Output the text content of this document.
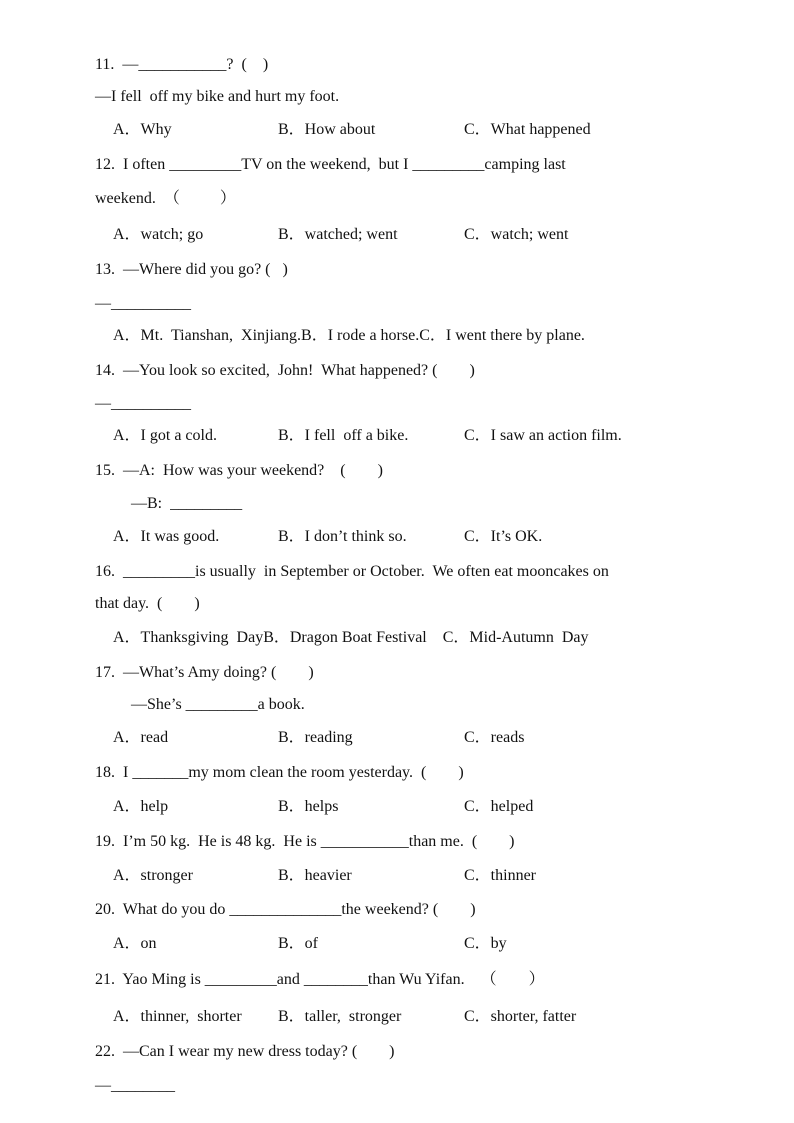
11.  —___________?  (    )
—I fell  off my bike and hurt my foot.
A．Why	B．How about	C．What happened
12.  I often _________TV on the weekend,  but I _________camping last
weekend.  （          ）
A．watch; go	B．watched; went	C．watch; went
13.  —Where did you go? (   )
—__________
A．Mt.  Tianshan,  Xinjiang.B．I rode a horse.C．I went there by plane.
14.  —You look so excited,  John!  What happened? (        )
—__________
A．I got a cold.	B．I fell  off a bike.	C．I saw an action film.
15.  —A:  How was your weekend?    (        )
—B:  _________
A．It was good.	B．I don’t think so.	C．It’s OK.
16.  _________is usually  in September or October.  We often eat mooncakes on
that day.  (        )
A．Thanksgiving  DayB．Dragon Boat Festival    C．Mid-Autumn  Day
17.  —What’s Amy doing? (        )
—She’s _________a book.
A．read	B．reading	C．reads
18.  I _______my mom clean the room yesterday.  (        )
A．help	B．helps	C．helped
19.  I’m 50 kg.  He is 48 kg.  He is ___________than me.  (        )
A．stronger	B．heavier	C．thinner
20.  What do you do ______________the weekend? (        )
A．on	B．of	C．by
21.  Yao Ming is _________and ________than Wu Yifan.    （        ）
A．thinner,  shorter B．taller,  stronger	C．shorter, fatter
22.  —Can I wear my new dress today? (        )
—________
